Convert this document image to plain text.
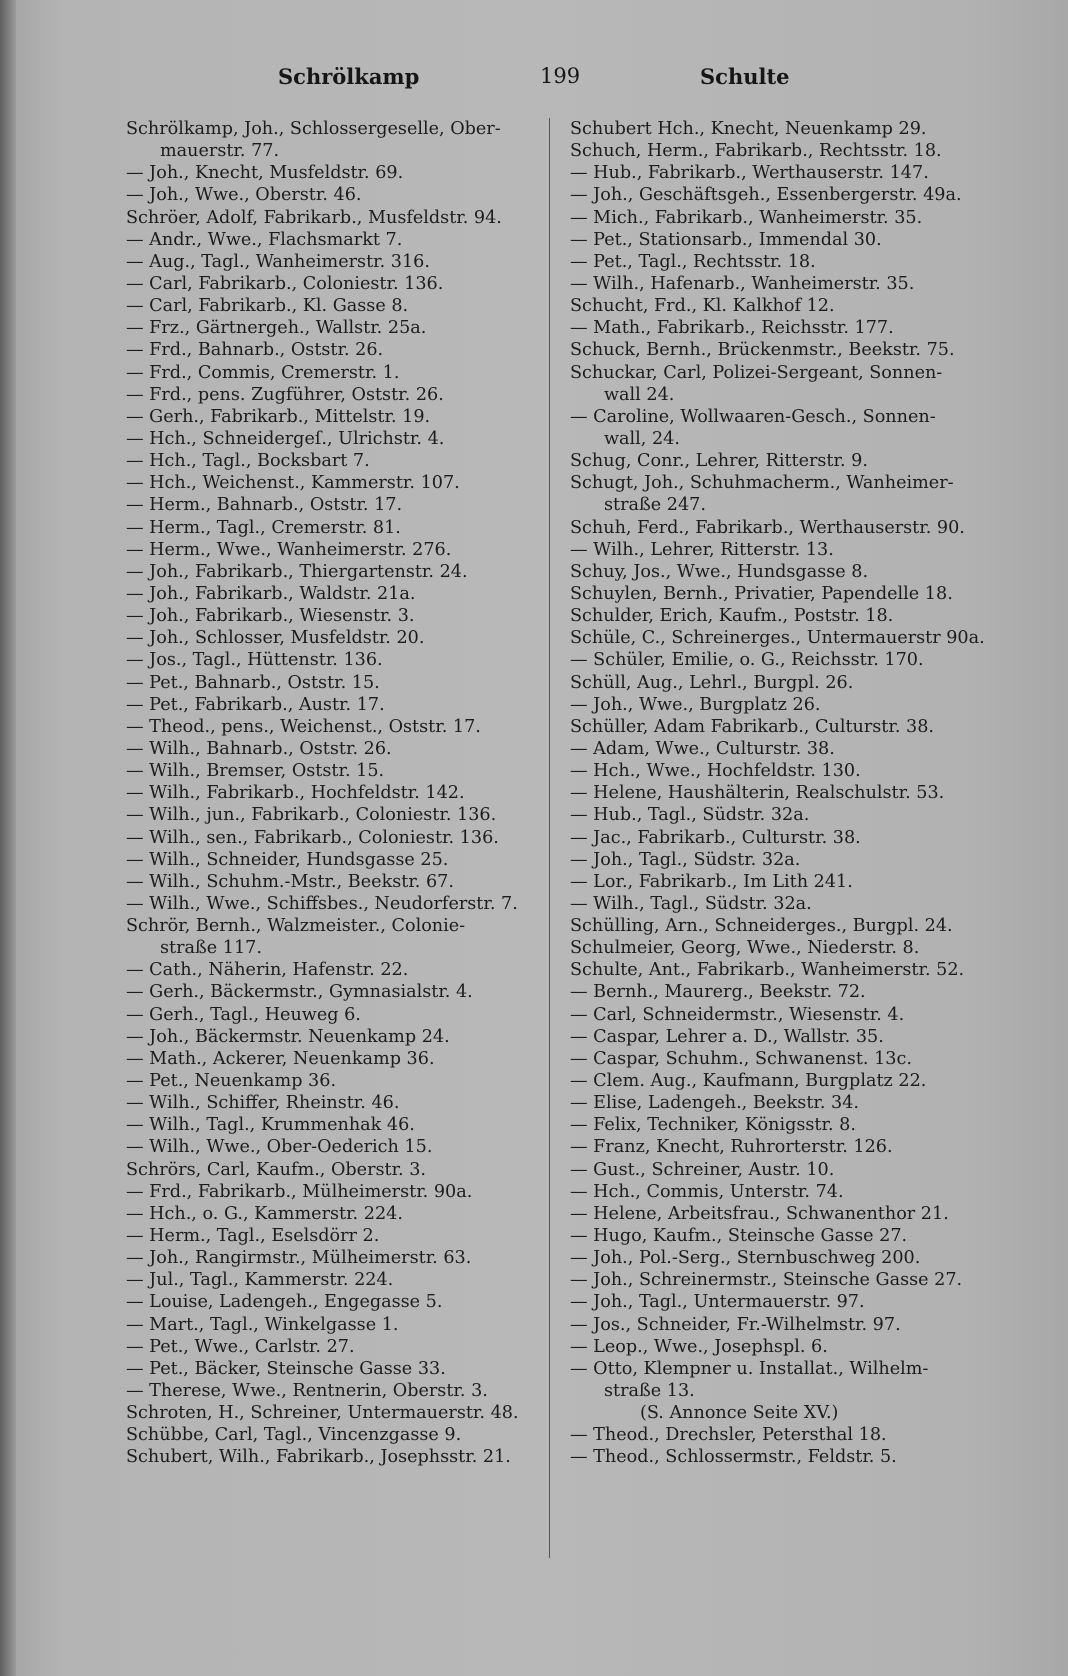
Schrölkamp	199	Schulte
Schrölkamp, Joh., Schlossergeselle, Ober-
mauerstr. 77.
— Joh., Knecht, Musfeldstr. 69.
— Joh., Wwe., Oberstr. 46.
Schröer, Adolf, Fabrikarb., Musfeldstr. 94.
— Andr., Wwe., Flachsmarkt 7.
— Aug., Tagl., Wanheimerstr. 316.
— Carl, Fabrikarb., Coloniestr. 136.
— Carl, Fabrikarb., Kl. Gasse 8.
— Frz., Gärtnergeh., Wallstr. 25a.
— Frd., Bahnarb., Oststr. 26.
— Frd., Commis, Cremerstr. 1.
— Frd., pens. Zugführer, Oststr. 26.
— Gerh., Fabrikarb., Mittelstr. 19.
— Hch., Schneidergeſ., Ulrichstr. 4.
— Hch., Tagl., Bocksbart 7.
— Hch., Weichenst., Kammerstr. 107.
— Herm., Bahnarb., Oststr. 17.
— Herm., Tagl., Cremerstr. 81.
— Herm., Wwe., Wanheimerstr. 276.
— Joh., Fabrikarb., Thiergartenstr. 24.
— Joh., Fabrikarb., Waldstr. 21a.
— Joh., Fabrikarb., Wiesenstr. 3.
— Joh., Schlosser, Musfeldstr. 20.
— Jos., Tagl., Hüttenstr. 136.
— Pet., Bahnarb., Oststr. 15.
— Pet., Fabrikarb., Austr. 17.
— Theod., pens., Weichenst., Oststr. 17.
— Wilh., Bahnarb., Oststr. 26.
— Wilh., Bremser, Oststr. 15.
— Wilh., Fabrikarb., Hochfeldstr. 142.
— Wilh., jun., Fabrikarb., Coloniestr. 136.
— Wilh., sen., Fabrikarb., Coloniestr. 136.
— Wilh., Schneider, Hundsgasse 25.
— Wilh., Schuhm.-Mstr., Beekstr. 67.
— Wilh., Wwe., Schiffsbes., Neudorferstr. 7.
Schrör, Bernh., Walzmeister., Colonie-
straße 117.
— Cath., Näherin, Hafenstr. 22.
— Gerh., Bäckermstr., Gymnasialstr. 4.
— Gerh., Tagl., Heuweg 6.
— Joh., Bäckermstr. Neuenkamp 24.
— Math., Ackerer, Neuenkamp 36.
— Pet., Neuenkamp 36.
— Wilh., Schiffer, Rheinstr. 46.
— Wilh., Tagl., Krummenhak 46.
— Wilh., Wwe., Ober-Oederich 15.
Schrörs, Carl, Kaufm., Oberstr. 3.
— Frd., Fabrikarb., Mülheimerstr. 90a.
— Hch., o. G., Kammerstr. 224.
— Herm., Tagl., Eselsdörr 2.
— Joh., Rangirmstr., Mülheimerstr. 63.
— Jul., Tagl., Kammerstr. 224.
— Louise, Ladengeh., Engegasse 5.
— Mart., Tagl., Winkelgasse 1.
— Pet., Wwe., Carlstr. 27.
— Pet., Bäcker, Steinsche Gasse 33.
— Therese, Wwe., Rentnerin, Oberstr. 3.
Schroten, H., Schreiner, Untermauerstr. 48.
Schübbe, Carl, Tagl., Vincenzgasse 9.
Schubert, Wilh., Fabrikarb., Josephsstr. 21.
Schubert Hch., Knecht, Neuenkamp 29.
Schuch, Herm., Fabrikarb., Rechtsstr. 18.
— Hub., Fabrikarb., Werthauserstr. 147.
— Joh., Geschäftsgeh., Essenbergerstr. 49a.
— Mich., Fabrikarb., Wanheimerstr. 35.
— Pet., Stationsarb., Immendal 30.
— Pet., Tagl., Rechtsstr. 18.
— Wilh., Hafenarb., Wanheimerstr. 35.
Schucht, Frd., Kl. Kalkhof 12.
— Math., Fabrikarb., Reichsstr. 177.
Schuck, Bernh., Brückenmstr., Beekstr. 75.
Schuckar, Carl, Polizei-Sergeant, Sonnen-
wall 24.
— Caroline, Wollwaaren-Gesch., Sonnen-
wall, 24.
Schug, Conr., Lehrer, Ritterstr. 9.
Schugt, Joh., Schuhmacherm., Wanheimer-
straße 247.
Schuh, Ferd., Fabrikarb., Werthauserstr. 90.
— Wilh., Lehrer, Ritterstr. 13.
Schuy, Jos., Wwe., Hundsgasse 8.
Schuylen, Bernh., Privatier, Papendelle 18.
Schulder, Erich, Kaufm., Poststr. 18.
Schüle, C., Schreinerges., Untermauerstr 90a.
— Schüler, Emilie, o. G., Reichsstr. 170.
Schüll, Aug., Lehrl., Burgpl. 26.
— Joh., Wwe., Burgplatz 26.
Schüller, Adam Fabrikarb., Culturstr. 38.
— Adam, Wwe., Culturstr. 38.
— Hch., Wwe., Hochfeldstr. 130.
— Helene, Haushälterin, Realschulstr. 53.
— Hub., Tagl., Südstr. 32a.
— Jac., Fabrikarb., Culturstr. 38.
— Joh., Tagl., Südstr. 32a.
— Lor., Fabrikarb., Im Lith 241.
— Wilh., Tagl., Südstr. 32a.
Schülling, Arn., Schneiderges., Burgpl. 24.
Schulmeier, Georg, Wwe., Niederstr. 8.
Schulte, Ant., Fabrikarb., Wanheimerstr. 52.
— Bernh., Maurerg., Beekstr. 72.
— Carl, Schneidermstr., Wiesenstr. 4.
— Caspar, Lehrer a. D., Wallstr. 35.
— Caspar, Schuhm., Schwanenst. 13c.
— Clem. Aug., Kaufmann, Burgplatz 22.
— Elise, Ladengeh., Beekstr. 34.
— Felix, Techniker, Königsstr. 8.
— Franz, Knecht, Ruhrorterstr. 126.
— Gust., Schreiner, Austr. 10.
— Hch., Commis, Unterstr. 74.
— Helene, Arbeitsfrau., Schwanenthor 21.
— Hugo, Kaufm., Steinsche Gasse 27.
— Joh., Pol.-Serg., Sternbuschweg 200.
— Joh., Schreinermstr., Steinsche Gasse 27.
— Joh., Tagl., Untermauerstr. 97.
— Jos., Schneider, Fr.-Wilhelmstr. 97.
— Leop., Wwe., Josephspl. 6.
— Otto, Klempner u. Installat., Wilhelm-
straße 13.
(S. Annonce Seite XV.)
— Theod., Drechsler, Petersthal 18.
— Theod., Schlossermstr., Feldstr. 5.
